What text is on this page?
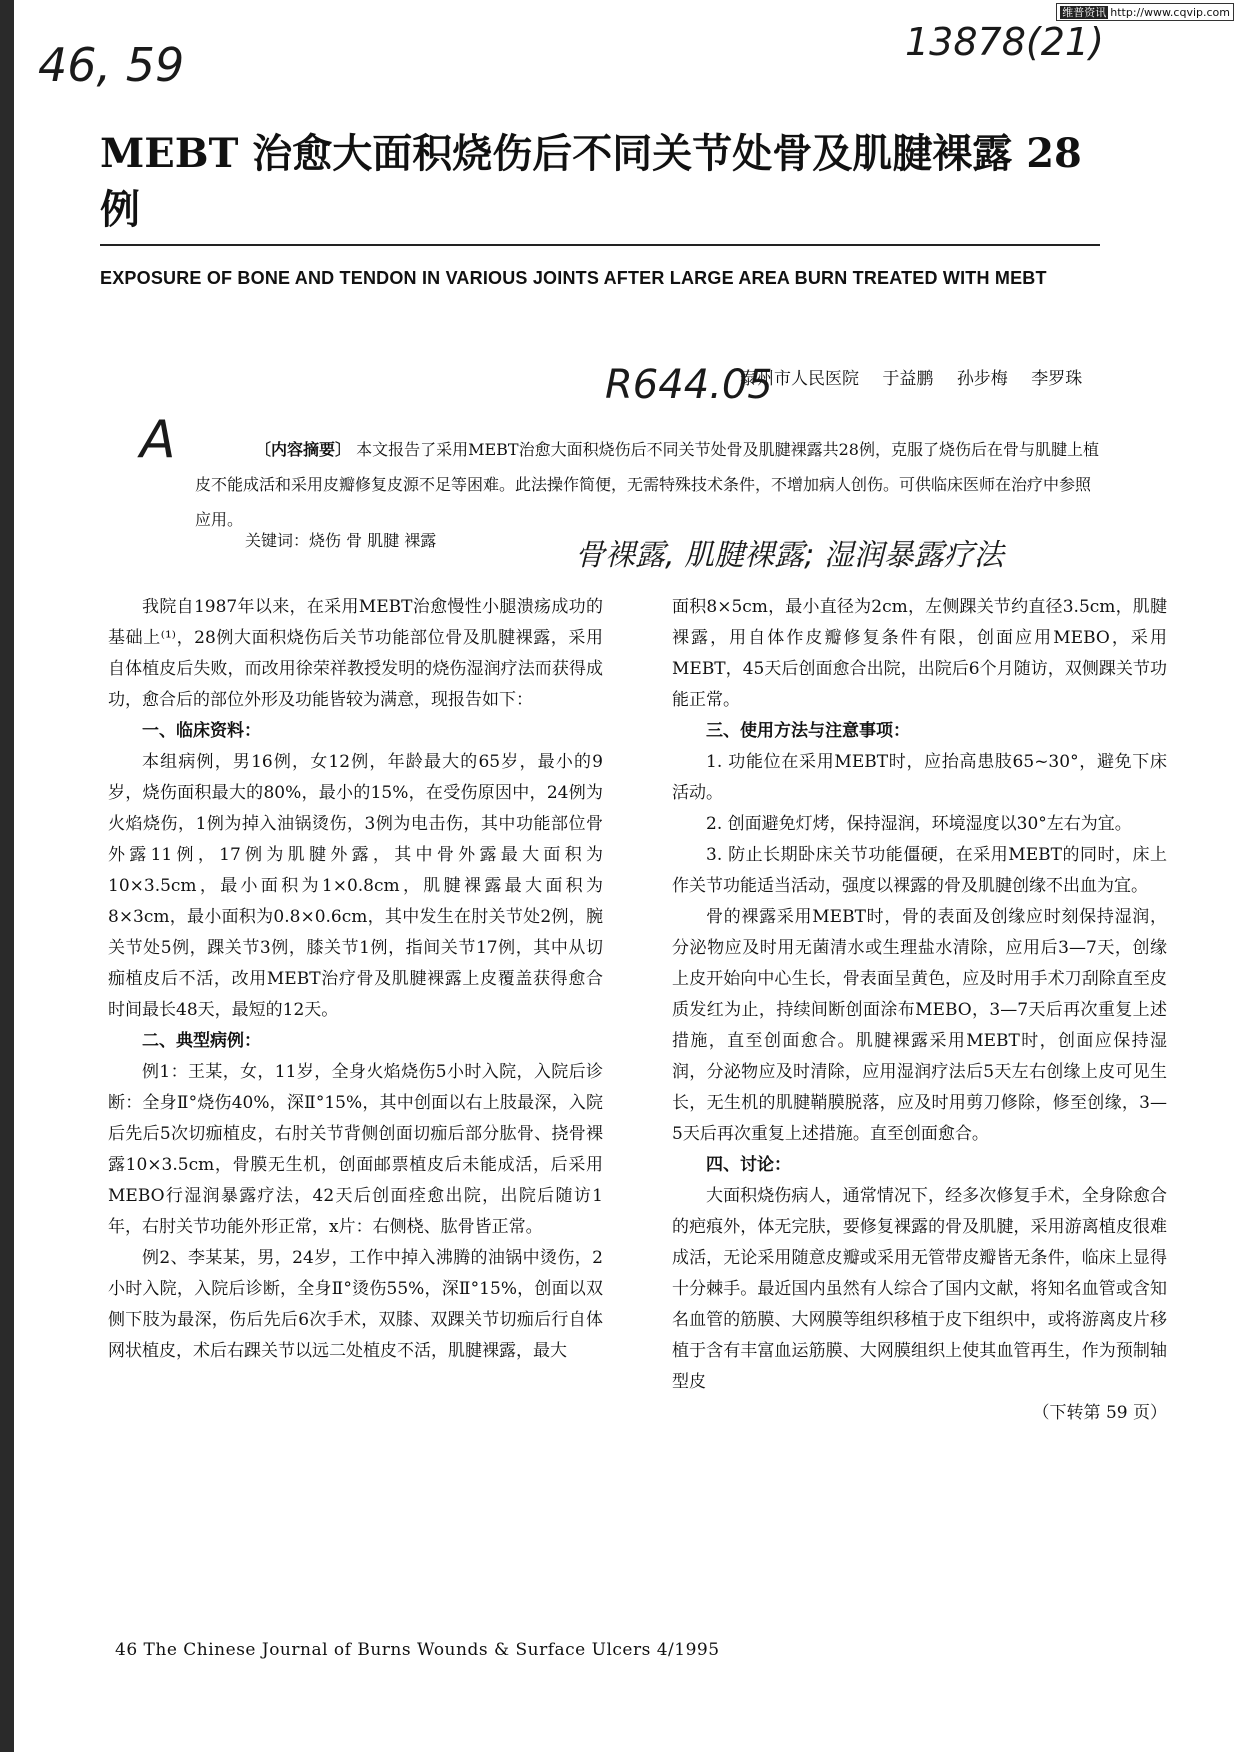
维普资讯 http://www.cqvip.com
46, 59	13878(21)
MEBT 治愈大面积烧伤后不同关节处骨及肌腱裸露 28 例
EXPOSURE OF BONE AND TENDON IN VARIOUS JOINTS AFTER LARGE AREA BURN TREATED WITH MEBT
R644.05
泰州市人民医院 于益鹏 孙步梅 李罗珠
A	〔内容摘要〕 本文报告了采用MEBT治愈大面积烧伤后不同关节处骨及肌腱裸露共28例，克服了烧伤后在骨与肌腱上植皮不能成活和采用皮瓣修复皮源不足等困难。此法操作简便，无需特殊技术条件，不增加病人创伤。可供临床医师在治疗中参照应用。
关键词：烧伤 骨 肌腱 裸露	骨裸露, 肌腱裸露; 湿润暴露疗法

我院自1987年以来，在采用MEBT治愈慢性小腿溃疡成功的基础上⁽¹⁾，28例大面积烧伤后关节功能部位骨及肌腱裸露，采用自体植皮后失败，而改用徐荣祥教授发明的烧伤湿润疗法而获得成功，愈合后的部位外形及功能皆较为满意，现报告如下：

一、临床资料：

本组病例，男16例，女12例，年龄最大的65岁，最小的9岁，烧伤面积最大的80%，最小的15%，在受伤原因中，24例为火焰烧伤，1例为掉入油锅烫伤，3例为电击伤，其中功能部位骨外露11例，17例为肌腱外露，其中骨外露最大面积为10×3.5cm，最小面积为1×0.8cm，肌腱裸露最大面积为8×3cm，最小面积为0.8×0.6cm，其中发生在肘关节处2例，腕关节处5例，踝关节3例，膝关节1例，指间关节17例，其中从切痂植皮后不活，改用MEBT治疗骨及肌腱裸露上皮覆盖获得愈合时间最长48天，最短的12天。

二、典型病例：

例1：王某，女，11岁，全身火焰烧伤5小时入院，入院后诊断：全身Ⅱ°烧伤40%，深Ⅱ°15%，其中创面以右上肢最深，入院后先后5次切痂植皮，右肘关节背侧创面切痂后部分肱骨、挠骨裸露10×3.5cm，骨膜无生机，创面邮票植皮后未能成活，后采用MEBO行湿润暴露疗法，42天后创面痊愈出院，出院后随访1年，右肘关节功能外形正常，x片：右侧桡、肱骨皆正常。

例2、李某某，男，24岁，工作中掉入沸腾的油锅中烫伤，2小时入院，入院后诊断，全身Ⅱ°烫伤55%，深Ⅱ°15%，创面以双侧下肢为最深，伤后先后6次手术，双膝、双踝关节切痂后行自体网状植皮，术后右踝关节以远二处植皮不活，肌腱裸露，最大

面积8×5cm，最小直径为2cm，左侧踝关节约直径3.5cm，肌腱裸露，用自体作皮瓣修复条件有限，创面应用MEBO，采用MEBT，45天后创面愈合出院，出院后6个月随访，双侧踝关节功能正常。

三、使用方法与注意事项：

1. 功能位在采用MEBT时，应抬高患肢65~30°，避免下床活动。

2. 创面避免灯烤，保持湿润，环境湿度以30°左右为宜。

3. 防止长期卧床关节功能僵硬，在采用MEBT的同时，床上作关节功能适当活动，强度以裸露的骨及肌腱创缘不出血为宜。

骨的裸露采用MEBT时，骨的表面及创缘应时刻保持湿润，分泌物应及时用无菌清水或生理盐水清除，应用后3—7天，创缘上皮开始向中心生长，骨表面呈黄色，应及时用手术刀刮除直至皮质发红为止，持续间断创面涂布MEBO，3—7天后再次重复上述措施，直至创面愈合。肌腱裸露采用MEBT时，创面应保持湿润，分泌物应及时清除，应用湿润疗法后5天左右创缘上皮可见生长，无生机的肌腱鞘膜脱落，应及时用剪刀修除，修至创缘，3—5天后再次重复上述措施。直至创面愈合。

四、讨论：

大面积烧伤病人，通常情况下，经多次修复手术，全身除愈合的疤痕外，体无完肤，要修复裸露的骨及肌腱，采用游离植皮很难成活，无论采用随意皮瓣或采用无管带皮瓣皆无条件，临床上显得十分棘手。最近国内虽然有人综合了国内文献，将知名血管或含知名血管的筋膜、大网膜等组织移植于皮下组织中，或将游离皮片移植于含有丰富血运筋膜、大网膜组织上使其血管再生，作为预制轴型皮

（下转第 59 页）

46 The Chinese Journal of Burns Wounds & Surface Ulcers 4/1995
